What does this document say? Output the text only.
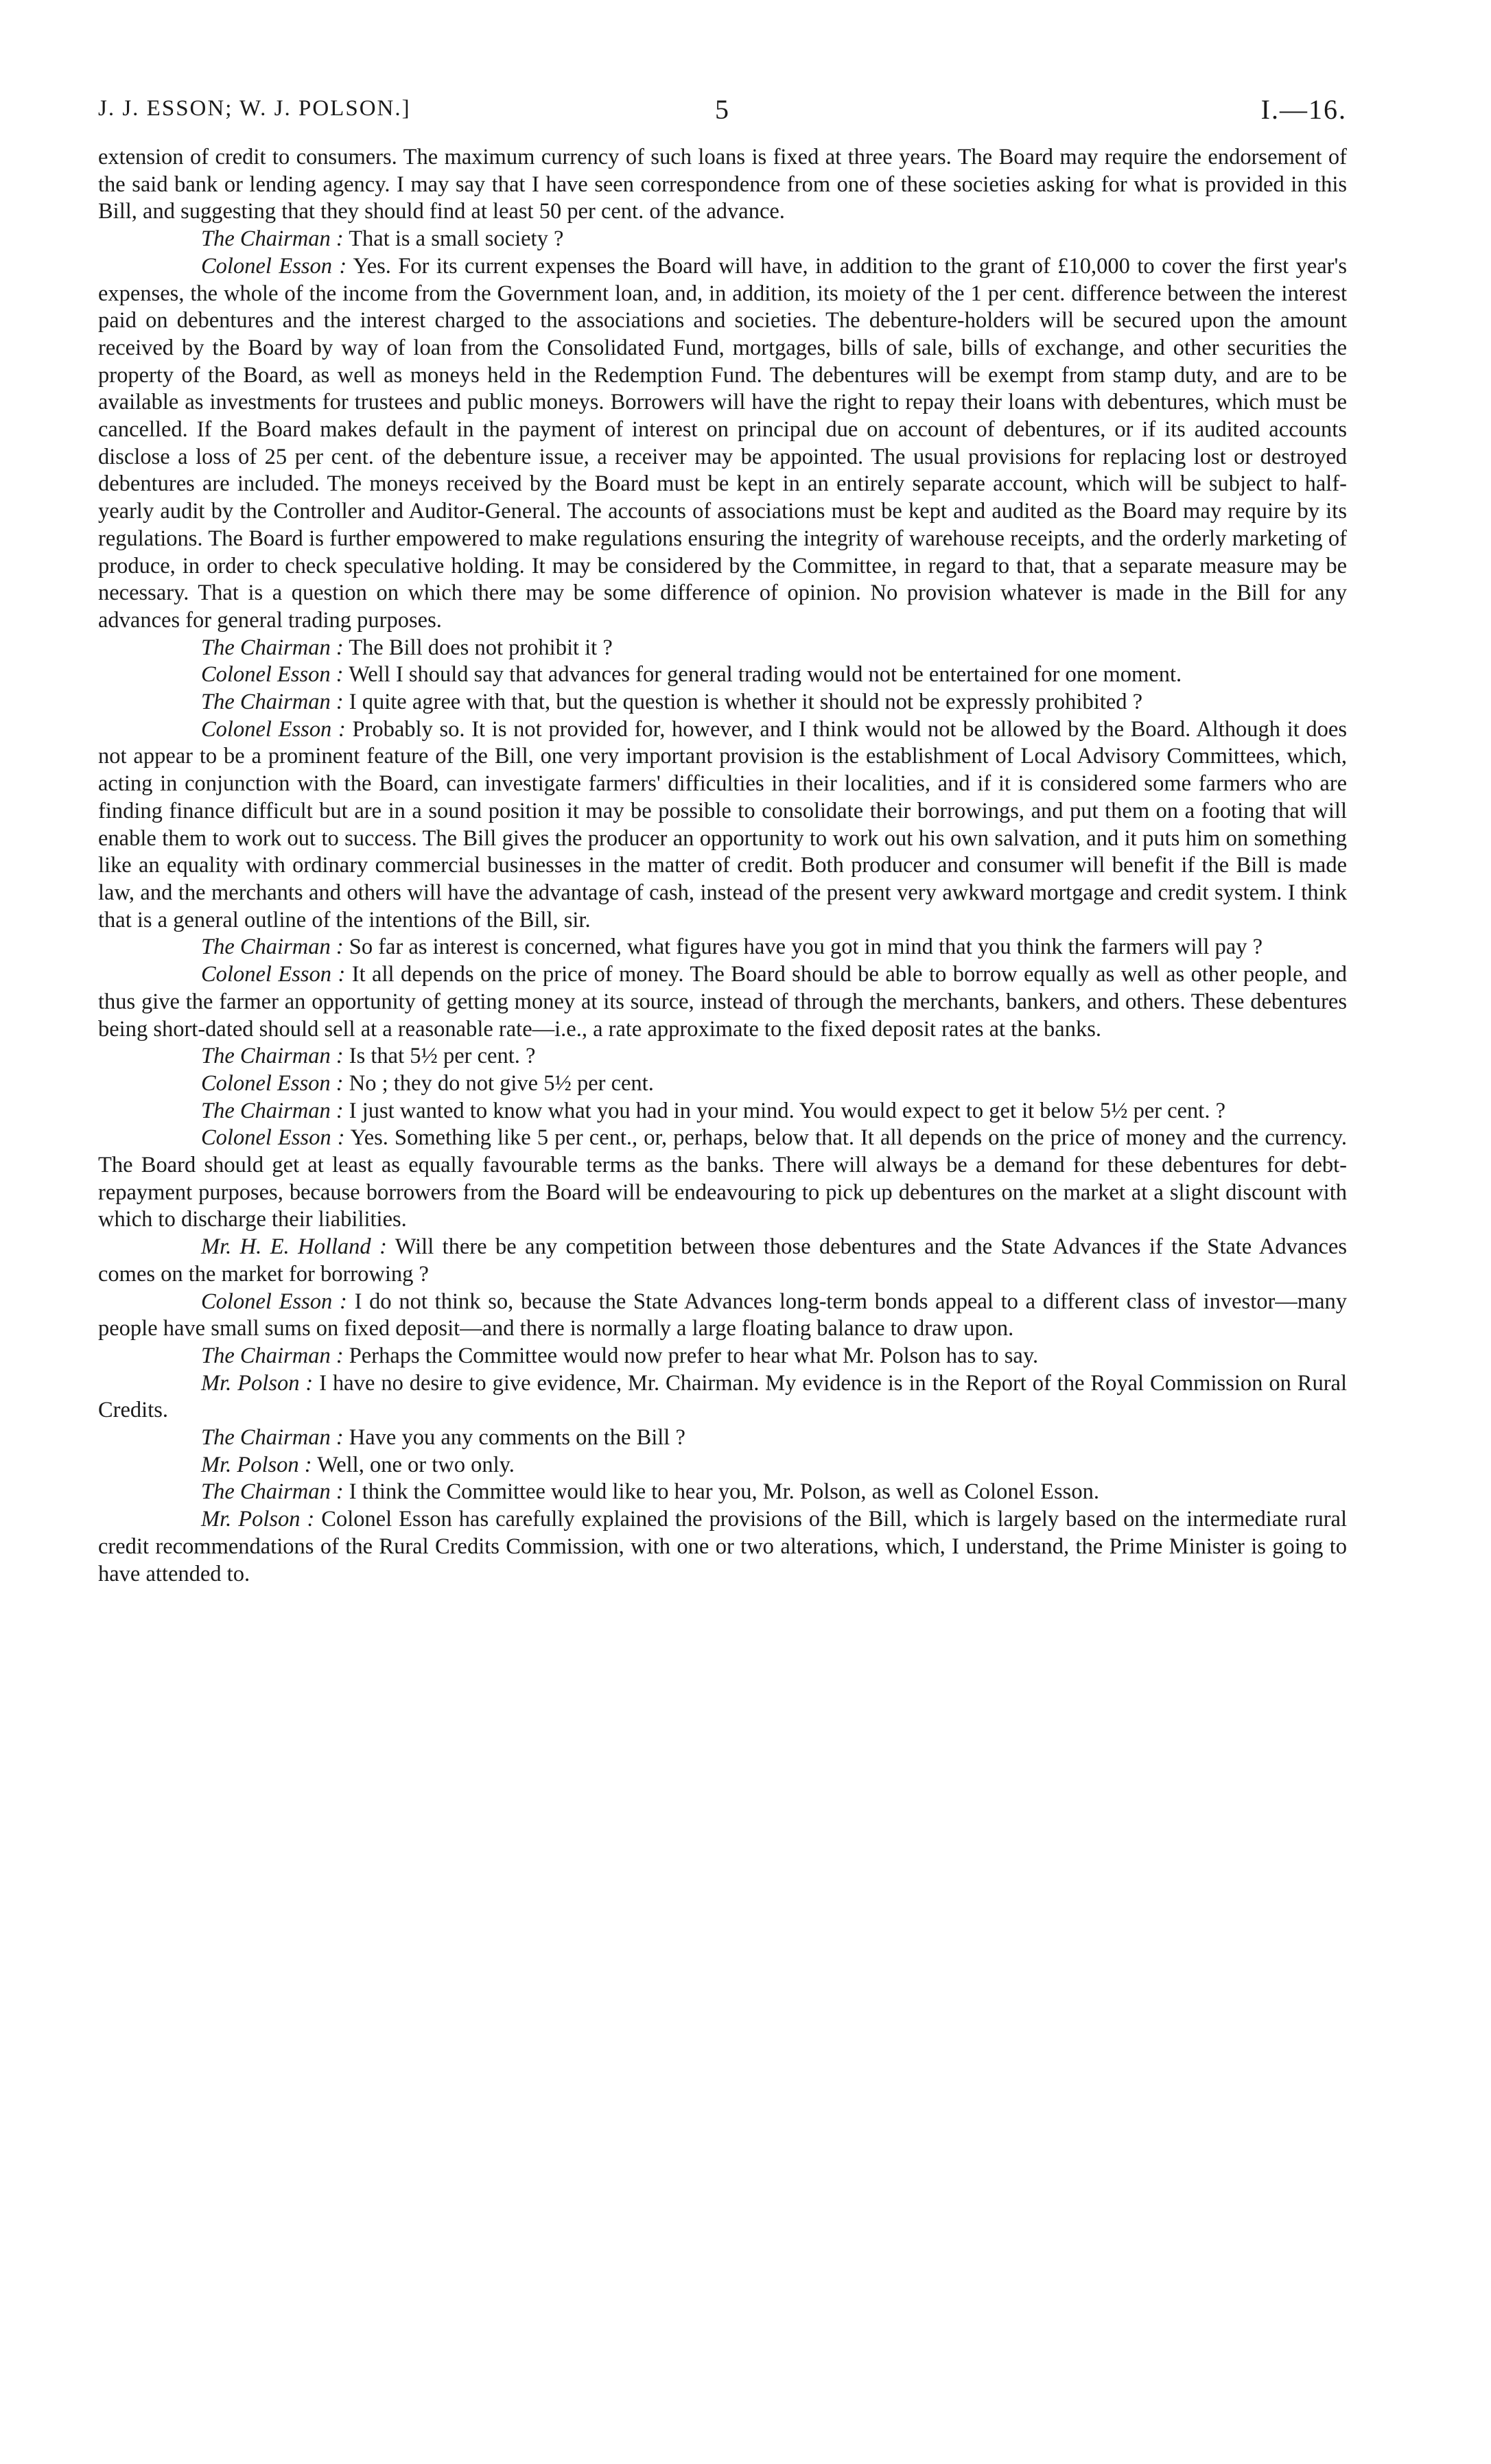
J. J. ESSON; W. J. POLSON.]	5	I.—16.

extension of credit to consumers. The maximum currency of such loans is fixed at three years. The Board may require the endorsement of the said bank or lending agency. I may say that I have seen correspondence from one of these societies asking for what is provided in this Bill, and suggesting that they should find at least 50 per cent. of the advance.

The Chairman : That is a small society ?

Colonel Esson : Yes. For its current expenses the Board will have, in addition to the grant of £10,000 to cover the first year's expenses, the whole of the income from the Government loan, and, in addition, its moiety of the 1 per cent. difference between the interest paid on debentures and the interest charged to the associations and societies. The debenture-holders will be secured upon the amount received by the Board by way of loan from the Consolidated Fund, mortgages, bills of sale, bills of exchange, and other securities the property of the Board, as well as moneys held in the Redemption Fund. The debentures will be exempt from stamp duty, and are to be available as investments for trustees and public moneys. Borrowers will have the right to repay their loans with debentures, which must be cancelled. If the Board makes default in the payment of interest on principal due on account of debentures, or if its audited accounts disclose a loss of 25 per cent. of the debenture issue, a receiver may be appointed. The usual provisions for replacing lost or destroyed debentures are included. The moneys received by the Board must be kept in an entirely separate account, which will be subject to half-yearly audit by the Controller and Auditor-General. The accounts of associations must be kept and audited as the Board may require by its regulations. The Board is further empowered to make regulations ensuring the integrity of warehouse receipts, and the orderly marketing of produce, in order to check speculative holding. It may be considered by the Committee, in regard to that, that a separate measure may be necessary. That is a question on which there may be some difference of opinion. No provision whatever is made in the Bill for any advances for general trading purposes.

The Chairman : The Bill does not prohibit it ?

Colonel Esson : Well I should say that advances for general trading would not be entertained for one moment.

The Chairman : I quite agree with that, but the question is whether it should not be expressly prohibited ?

Colonel Esson : Probably so. It is not provided for, however, and I think would not be allowed by the Board. Although it does not appear to be a prominent feature of the Bill, one very important provision is the establishment of Local Advisory Committees, which, acting in conjunction with the Board, can investigate farmers' difficulties in their localities, and if it is considered some farmers who are finding finance difficult but are in a sound position it may be possible to consolidate their borrowings, and put them on a footing that will enable them to work out to success. The Bill gives the producer an opportunity to work out his own salvation, and it puts him on something like an equality with ordinary commercial businesses in the matter of credit. Both producer and consumer will benefit if the Bill is made law, and the merchants and others will have the advantage of cash, instead of the present very awkward mortgage and credit system. I think that is a general outline of the intentions of the Bill, sir.

The Chairman : So far as interest is concerned, what figures have you got in mind that you think the farmers will pay ?

Colonel Esson : It all depends on the price of money. The Board should be able to borrow equally as well as other people, and thus give the farmer an opportunity of getting money at its source, instead of through the merchants, bankers, and others. These debentures being short-dated should sell at a reasonable rate—i.e., a rate approximate to the fixed deposit rates at the banks.

The Chairman : Is that 5½ per cent. ?

Colonel Esson : No ; they do not give 5½ per cent.

The Chairman : I just wanted to know what you had in your mind. You would expect to get it below 5½ per cent. ?

Colonel Esson : Yes. Something like 5 per cent., or, perhaps, below that. It all depends on the price of money and the currency. The Board should get at least as equally favourable terms as the banks. There will always be a demand for these debentures for debt-repayment purposes, because borrowers from the Board will be endeavouring to pick up debentures on the market at a slight discount with which to discharge their liabilities.

Mr. H. E. Holland : Will there be any competition between those debentures and the State Advances if the State Advances comes on the market for borrowing ?

Colonel Esson : I do not think so, because the State Advances long-term bonds appeal to a different class of investor—many people have small sums on fixed deposit—and there is normally a large floating balance to draw upon.

The Chairman : Perhaps the Committee would now prefer to hear what Mr. Polson has to say.

Mr. Polson : I have no desire to give evidence, Mr. Chairman. My evidence is in the Report of the Royal Commission on Rural Credits.

The Chairman : Have you any comments on the Bill ?

Mr. Polson : Well, one or two only.

The Chairman : I think the Committee would like to hear you, Mr. Polson, as well as Colonel Esson.

Mr. Polson : Colonel Esson has carefully explained the provisions of the Bill, which is largely based on the intermediate rural credit recommendations of the Rural Credits Commission, with one or two alterations, which, I understand, the Prime Minister is going to have attended to.
